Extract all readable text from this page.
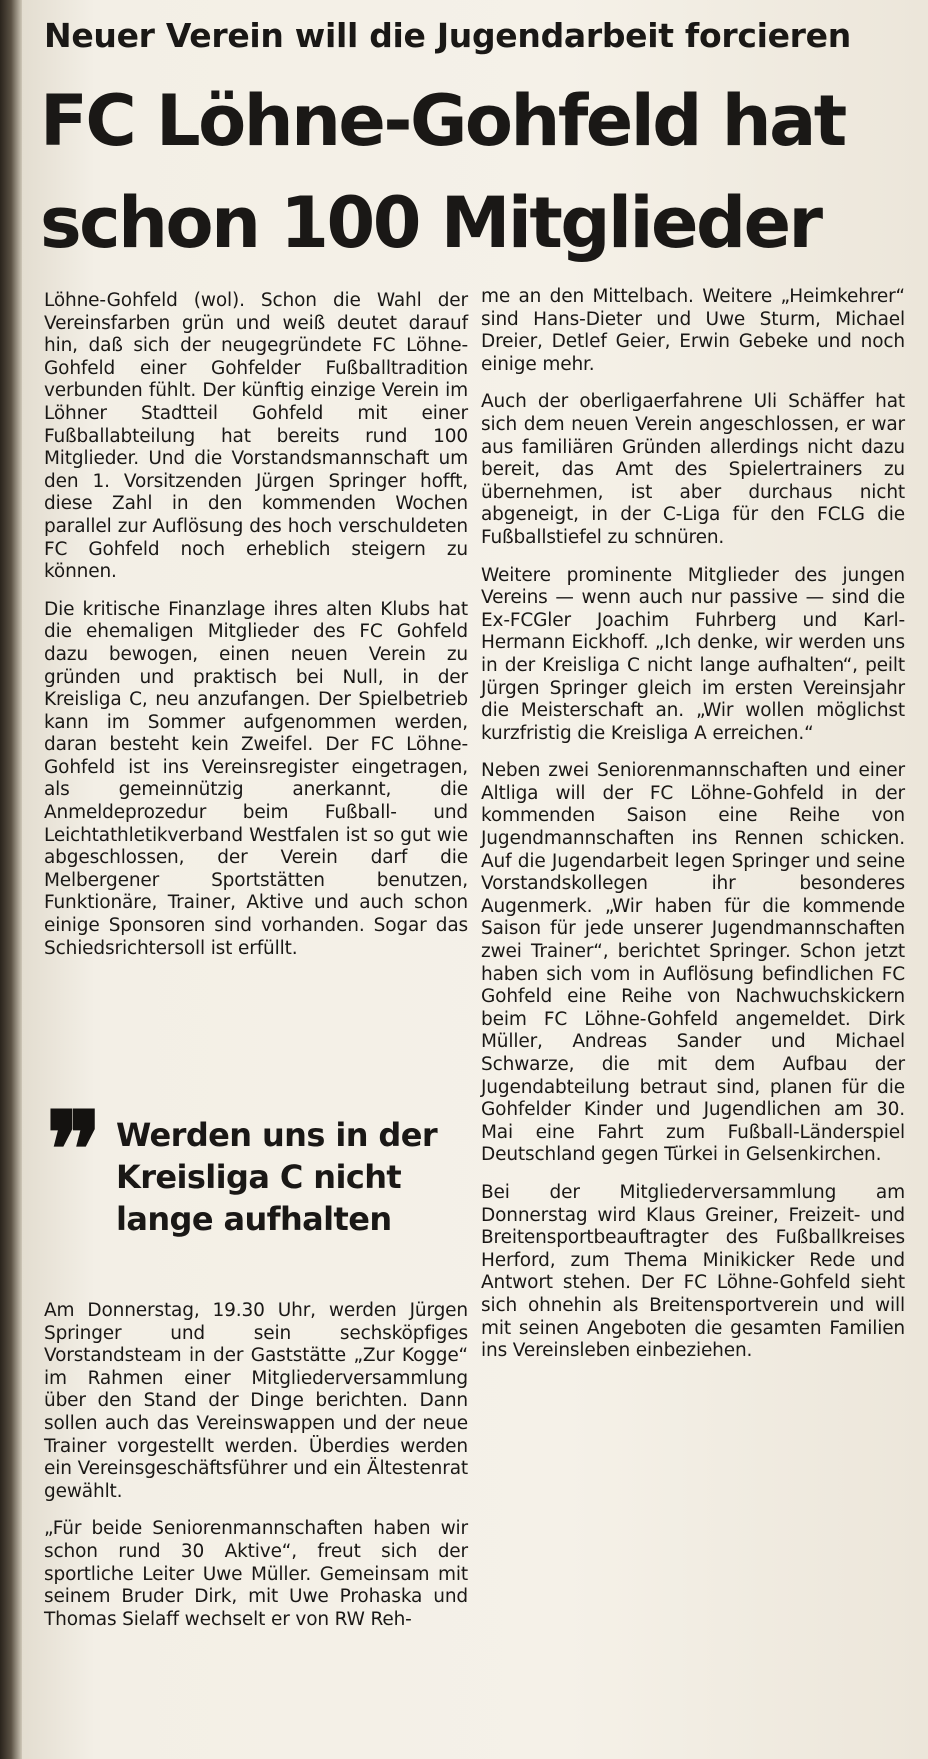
Neuer Verein will die Jugendarbeit forcieren
FC Löhne-Gohfeld hat
schon 100 Mitglieder

Löhne-Gohfeld (wol). Schon die Wahl der Vereinsfarben grün und weiß deutet darauf hin, daß sich der neugegründete FC Löhne-Gohfeld einer Gohfelder Fußballtradition verbunden fühlt. Der künftig einzige Verein im Löhner Stadtteil Gohfeld mit einer Fußballabteilung hat bereits rund 100 Mitglieder. Und die Vorstandsmannschaft um den 1. Vorsitzenden Jürgen Springer hofft, diese Zahl in den kommenden Wochen parallel zur Auflösung des hoch verschuldeten FC Gohfeld noch erheblich steigern zu können.

Die kritische Finanzlage ihres alten Klubs hat die ehemaligen Mitglieder des FC Gohfeld dazu bewogen, einen neuen Verein zu gründen und praktisch bei Null, in der Kreisliga C, neu anzufangen. Der Spielbetrieb kann im Sommer aufgenommen werden, daran besteht kein Zweifel. Der FC Löhne-Gohfeld ist ins Vereinsregister eingetragen, als gemeinnützig anerkannt, die Anmeldeprozedur beim Fußball- und Leichtathletikverband Westfalen ist so gut wie abgeschlossen, der Verein darf die Melbergener Sportstätten benutzen, Funktionäre, Trainer, Aktive und auch schon einige Sponsoren sind vorhanden. Sogar das Schiedsrichtersoll ist erfüllt.

❞ Werden uns in der Kreisliga C nicht lange aufhalten

Am Donnerstag, 19.30 Uhr, werden Jürgen Springer und sein sechsköpfiges Vorstandsteam in der Gaststätte „Zur Kogge“ im Rahmen einer Mitgliederversammlung über den Stand der Dinge berichten. Dann sollen auch das Vereinswappen und der neue Trainer vorgestellt werden. Überdies werden ein Vereinsgeschäftsführer und ein Ältestenrat gewählt.

„Für beide Seniorenmannschaften haben wir schon rund 30 Aktive“, freut sich der sportliche Leiter Uwe Müller. Gemeinsam mit seinem Bruder Dirk, mit Uwe Prohaska und Thomas Sielaff wechselt er von RW Reh-

me an den Mittelbach. Weitere „Heimkehrer“ sind Hans-Dieter und Uwe Sturm, Michael Dreier, Detlef Geier, Erwin Gebeke und noch einige mehr.

Auch der oberligaerfahrene Uli Schäffer hat sich dem neuen Verein angeschlossen, er war aus familiären Gründen allerdings nicht dazu bereit, das Amt des Spielertrainers zu übernehmen, ist aber durchaus nicht abgeneigt, in der C-Liga für den FCLG die Fußballstiefel zu schnüren.

Weitere prominente Mitglieder des jungen Vereins — wenn auch nur passive — sind die Ex-FCGler Joachim Fuhrberg und Karl-Hermann Eickhoff. „Ich denke, wir werden uns in der Kreisliga C nicht lange aufhalten“, peilt Jürgen Springer gleich im ersten Vereinsjahr die Meisterschaft an. „Wir wollen möglichst kurzfristig die Kreisliga A erreichen.“

Neben zwei Seniorenmannschaften und einer Altliga will der FC Löhne-Gohfeld in der kommenden Saison eine Reihe von Jugendmannschaften ins Rennen schicken. Auf die Jugendarbeit legen Springer und seine Vorstandskollegen ihr besonderes Augenmerk. „Wir haben für die kommende Saison für jede unserer Jugendmannschaften zwei Trainer“, berichtet Springer. Schon jetzt haben sich vom in Auflösung befindlichen FC Gohfeld eine Reihe von Nachwuchskickern beim FC Löhne-Gohfeld angemeldet. Dirk Müller, Andreas Sander und Michael Schwarze, die mit dem Aufbau der Jugendabteilung betraut sind, planen für die Gohfelder Kinder und Jugendlichen am 30. Mai eine Fahrt zum Fußball-Länderspiel Deutschland gegen Türkei in Gelsenkirchen.

Bei der Mitgliederversammlung am Donnerstag wird Klaus Greiner, Freizeit- und Breitensportbeauftragter des Fußballkreises Herford, zum Thema Minikicker Rede und Antwort stehen. Der FC Löhne-Gohfeld sieht sich ohnehin als Breitensportverein und will mit seinen Angeboten die gesamten Familien ins Vereinsleben einbeziehen.
